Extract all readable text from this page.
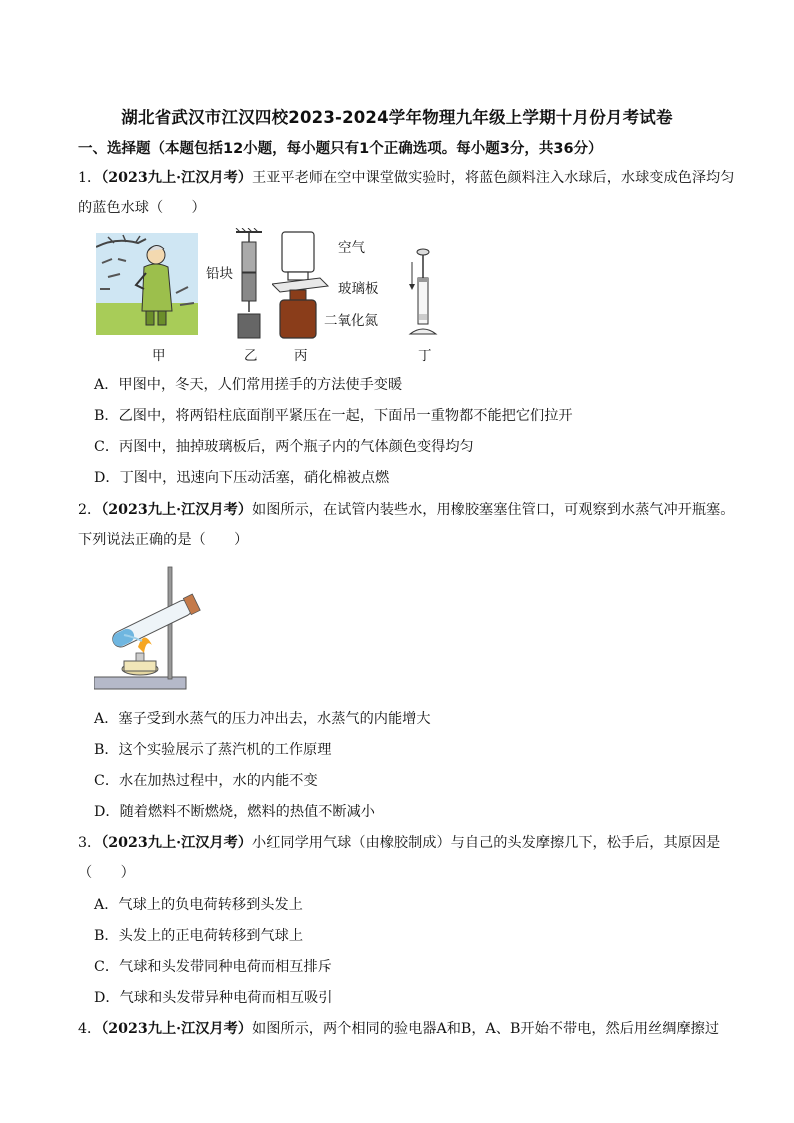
湖北省武汉市江汉四校2023-2024学年物理九年级上学期十月份月考试卷
一、选择题（本题包括12小题，每小题只有1个正确选项。每小题3分，共36分）
1．（2023九上·江汉月考）王亚平老师在空中课堂做实验时，将蓝色颜料注入水球后，水球变成色泽均匀
的蓝色水球（　　）
甲
铅块
乙
空气
玻璃板
二氧化氮
丙	丁
A．甲图中，冬天，人们常用搓手的方法使手变暖
B．乙图中，将两铅柱底面削平紧压在一起，下面吊一重物都不能把它们拉开
C．丙图中，抽掉玻璃板后，两个瓶子内的气体颜色变得均匀
D．丁图中，迅速向下压动活塞，硝化棉被点燃
2．（2023九上·江汉月考）如图所示，在试管内装些水，用橡胶塞塞住管口，可观察到水蒸气冲开瓶塞。
下列说法正确的是（　　）
A．塞子受到水蒸气的压力冲出去，水蒸气的内能增大
B．这个实验展示了蒸汽机的工作原理
C．水在加热过程中，水的内能不变
D．随着燃料不断燃烧，燃料的热值不断减小
3．（2023九上·江汉月考）小红同学用气球（由橡胶制成）与自己的头发摩擦几下，松手后，其原因是
（　　）
A．气球上的负电荷转移到头发上
B．头发上的正电荷转移到气球上
C．气球和头发带同种电荷而相互排斥
D．气球和头发带异种电荷而相互吸引
4．（2023九上·江汉月考）如图所示，两个相同的验电器A和B，A、B开始不带电，然后用丝绸摩擦过
